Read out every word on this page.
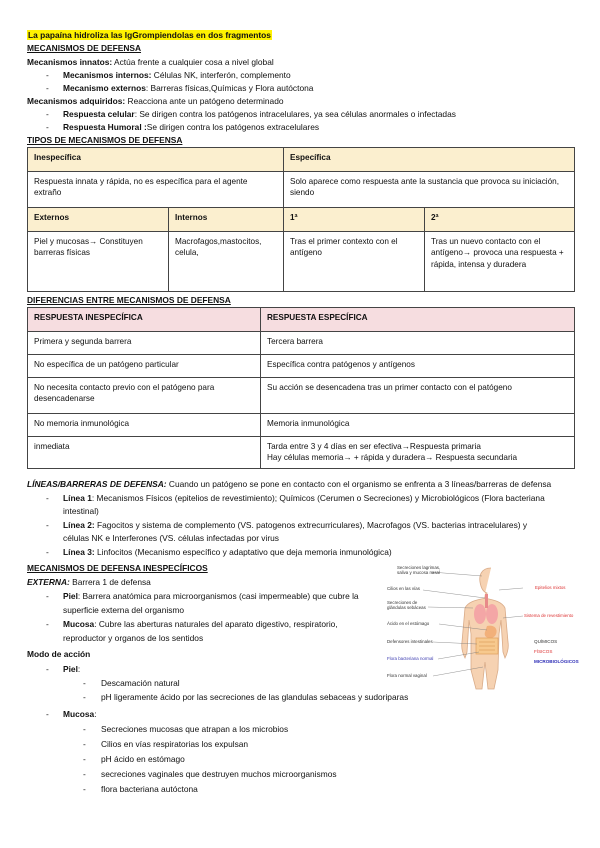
La papaína hidroliza las IgGrompiendolas en dos fragmentos
MECANISMOS DE DEFENSA
Mecanismos innatos: Actúa frente a cualquier cosa a nivel global
- Mecanismos internos: Células NK, interferón, complemento
- Mecanismo externos: Barreras físicas,Químicas y Flora autóctona
Mecanismos adquiridos: Reacciona ante un patógeno determinado
- Respuesta celular: Se dirigen contra los patógenos intracelulares, ya sea células anormales o infectadas
- Respuesta Humoral :Se dirigen contra los patógenos extracelulares
TIPOS DE MECANISMOS DE DEFENSA
Inespecífica		Específica	
Respuesta innata y rápida, no es específica para el agente extraño		Solo aparece como respuesta ante la sustancia que provoca su iniciación, siendo	
Externos	Internos	1ª	2ª
Piel y mucosas→ Constituyen barreras físicas	Macrofagos,mastocitos, celula,	Tras el primer contexto con el antígeno	Tras un nuevo contacto con el antígeno→ provoca una respuesta + rápida, intensa y duradera
DIFERENCIAS ENTRE MECANISMOS DE DEFENSA
RESPUESTA INESPECÍFICA	RESPUESTA ESPECÍFICA
Primera y segunda barrera	Tercera barrera
No específica de un patógeno particular	Específica contra patógenos y antígenos
No necesita contacto previo con el patógeno para desencadenarse	Su acción se desencadena tras un primer contacto con el patógeno
No memoria inmunológica	Memoria inmunológica
inmediata	Tarda entre 3 y 4 días en ser efectiva→Respuesta primaria
Hay células memoria→ + rápida y duradera→ Respuesta secundaria
LÍNEAS/BARRERAS DE DEFENSA: Cuando un patógeno se pone en contacto con el organismo se enfrenta a 3 líneas/barreras de defensa
- Línea 1: Mecanismos Físicos (epitelios de revestimiento); Químicos (Cerumen o Secreciones) y Microbiológicos (Flora bacteriana
intestinal)
- Línea 2: Fagocitos y sistema de complemento (VS. patogenos extrecurriculares), Macrofagos (VS. bacterias intracelulares) y
células NK e Interferones (VS. células infectadas por virus
- Línea 3: Linfocitos (Mecanismo específico y adaptativo que deja memoria inmunológica)
MECANISMOS DE DEFENSA INESPECÍFICOS
EXTERNA: Barrera 1 de defensa
- Piel: Barrera anatómica para microorganismos (casi impermeable) que cubre la
superficie externa del organismo
- Mucosa: Cubre las aberturas naturales del aparato digestivo, respiratorio,
reproductor y organos de los sentidos
Modo de acción
- Piel:
- Descamación natural
- pH ligeramente ácido por las secreciones de las glandulas sebaceas y sudoriparas
- Mucosa:
- Secreciones mucosas que atrapan a los microbios
- Cilios en vías respiratorias los expulsan
- pH ácido en estómago
- secreciones vaginales que destruyen muchos microorganismos
- flora bacteriana autóctona
Secreciones lagrimas, saliva y mucosa nasal
Cilios en las vías
Secreciones de glándulas sebáceas
Ácido en el estómago
Defensores intestinales
Flora bacteriana normal
Flora normal vaginal
Epitelios mixtos
Sistema de revestimiento
QUÍMICOS
FÍSICOS
MICROBIOLÓGICOS
